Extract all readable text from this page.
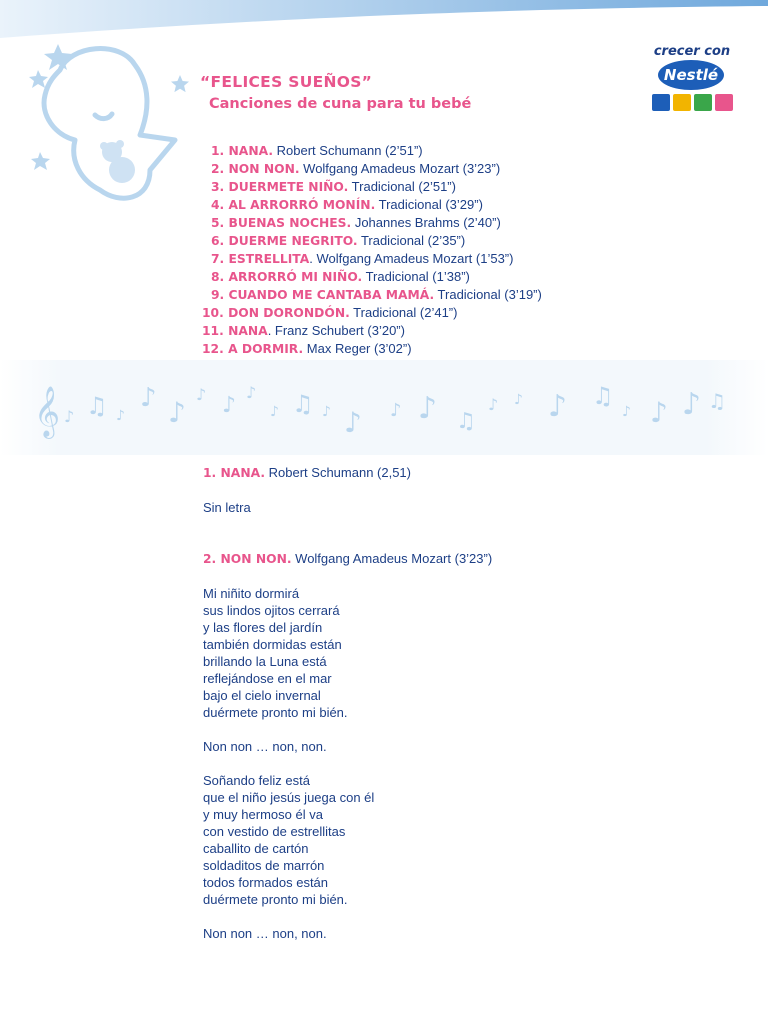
“FELICES SUEÑOS”
Canciones de cuna para tu bebé
crecer con
Nestlé
1. NANA. Robert Schumann (2’51”)
2. NON NON. Wolfgang Amadeus Mozart (3’23”)
3. DUERMETE NIÑO. Tradicional (2’51”)
4. AL ARRORRÓ MONÍN. Tradicional (3’29”)
5. BUENAS NOCHES. Johannes Brahms (2’40”)
6. DUERME NEGRITO. Tradicional (2’35”)
7. ESTRELLITA. Wolfgang Amadeus Mozart (1’53”)
8. ARRORRÓ MI NIÑO. Tradicional (1’38”)
9. CUANDO ME CANTABA MAMÁ. Tradicional (3’19”)
10. DON DORONDÓN. Tradicional (2’41”)
11. NANA. Franz Schubert (3’20”)
12. A DORMIR. Max Reger (3’02”)
𝄞 ♪ ♫ ♪
♪ ♪
♪ ♪
♪
♪ ♫ ♪ ♪ ♪ ♪ ♫
♪ ♪ ♪ ♫
♪ ♪ ♪ ♫

1. NANA. Robert Schumann (2,51)

Sin letra

2. NON NON. Wolfgang Amadeus Mozart (3’23”)

Mi niñito dormirá

sus lindos ojitos cerrará

y las flores del jardín

también dormidas están

brillando la Luna está

reflejándose en el mar

bajo el cielo invernal

duérmete pronto mi bién.

Non non … non, non.

Soñando feliz está

que el niño jesús juega con él

y muy hermoso él va

con vestido de estrellitas

caballito de cartón

soldaditos de marrón

todos formados están

duérmete pronto mi bién.

Non non … non, non.
